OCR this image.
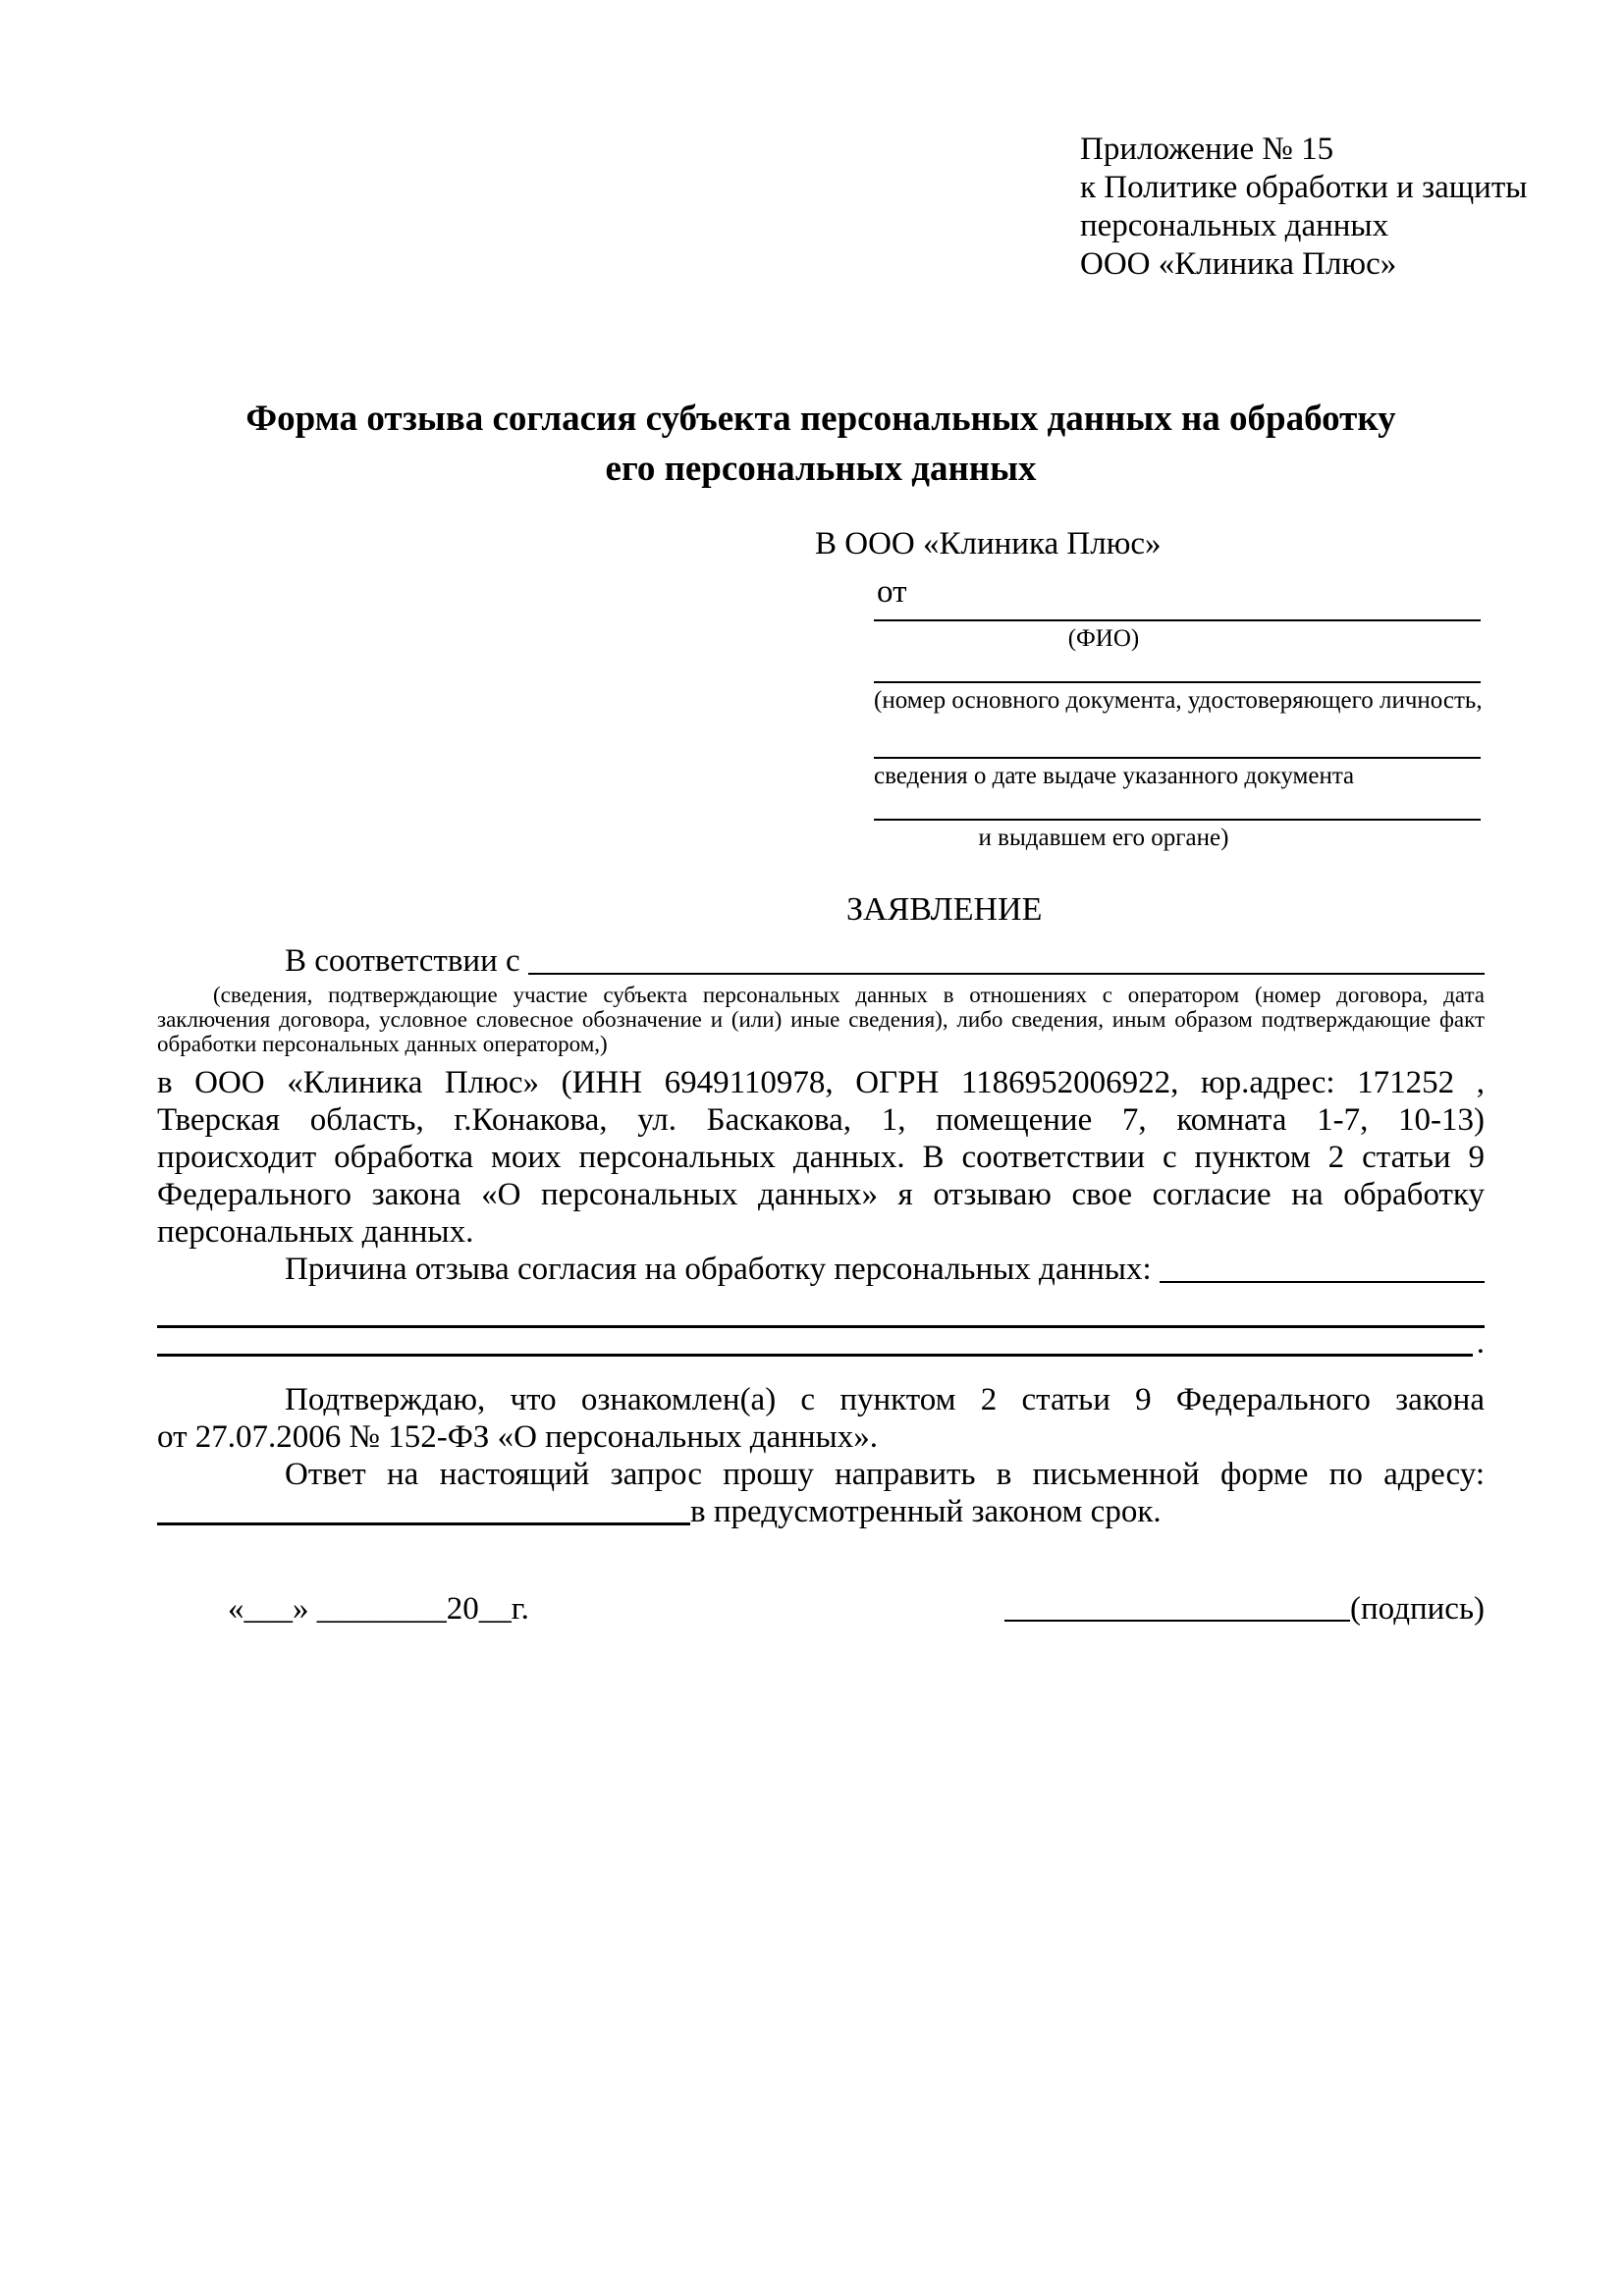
Приложение № 15
к Политике обработки и защиты
персональных данных
ООО «Клиника Плюс»
Форма отзыва согласия субъекта персональных данных на обработку
его персональных данных
В ООО «Клиника Плюс»
от
(ФИО)
(номер основного документа, удостоверяющего личность,
сведения о дате выдаче указанного документа
и выдавшем его органе)
ЗАЯВЛЕНИЕ
В соответствии с

(сведения, подтверждающие участие субъекта персональных данных в отношениях с оператором (номер договора, дата
заключения договора, условное словесное обозначение и (или) иные сведения), либо сведения, иным образом подтверждающие факт
обработки персональных данных оператором,)
в ООО «Клиника Плюс» (ИНН 6949110978, ОГРН 1186952006922, юр.адрес: 171252 ,
Тверская область, г.Конакова, ул. Баскакова, 1, помещение 7, комната 1-7, 10-13)
происходит обработка моих персональных данных. В соответствии с пунктом 2 статьи 9
Федерального закона «О персональных данных» я отзываю свое согласие на обработку
персональных данных.
Причина отзыва согласия на обработку персональных данных:

.
Подтверждаю, что ознакомлен(а) с пунктом 2 статьи 9 Федерального закона
от 27.07.2006 № 152-ФЗ «О персональных данных».
Ответ на настоящий запрос прошу направить в письменной форме по адресу:
в предусмотренный законом срок.
«___» ________20__г.	(подпись)
